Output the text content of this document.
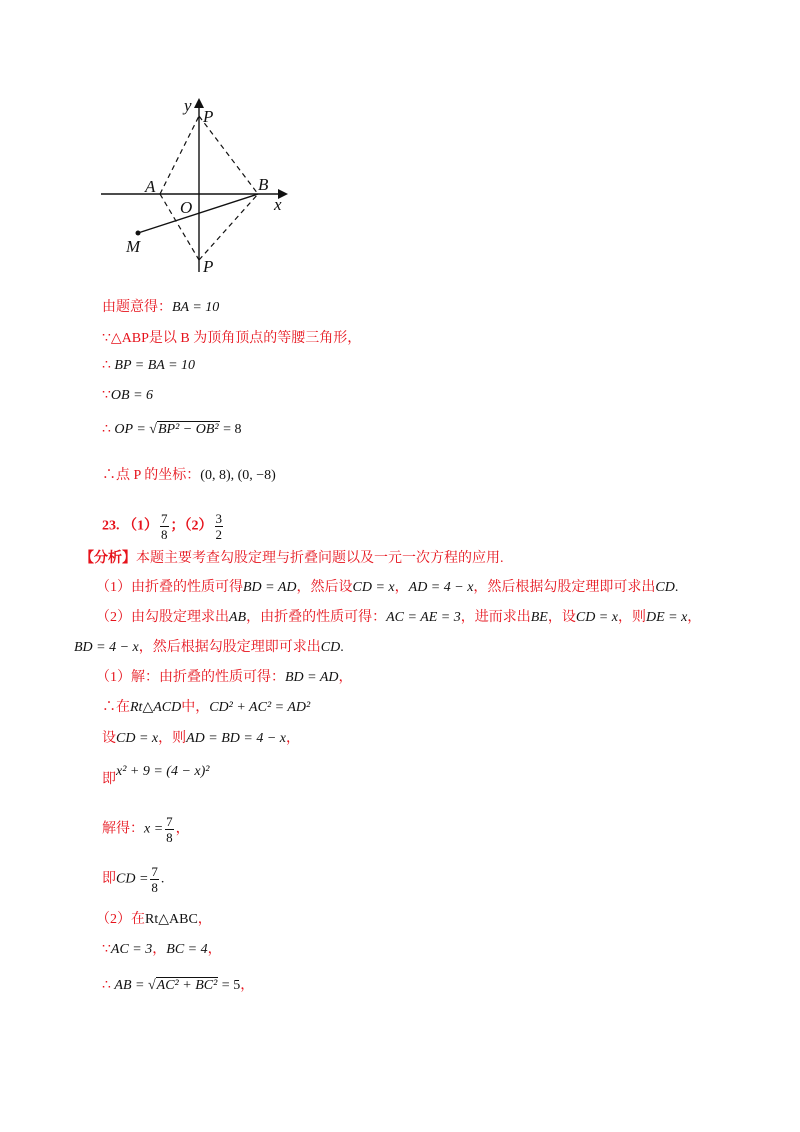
y
P
A	B
O	x
M
P
由题意得：BA = 10
∵△ABP是以 B 为顶角顶点的等腰三角形，
∴ BP = BA = 10
∵OB = 6
∴ OP = √BP² − OB² = 8
∴点 P 的坐标：(0, 8), (0, −8)
23. $(1) \frac{7}{8}$ ；$(2) \frac{3}{2}$
【分析】本题主要考查勾股定理与折叠问题以及一元一次方程的应用.
（1）由折叠的性质可得BD = AD，然后设CD = x，AD = 4 − x，然后根据勾股定理即可求出CD.
（2）由勾股定理求出AB，由折叠的性质可得：AC = AE = 3，进而求出BE，设CD = x，则DE = x，
BD = 4 − x，然后根据勾股定理即可求出CD.
（1）解：由折叠的性质可得：BD = AD，
∴在Rt△ACD中，CD² + AC² = AD²
设CD = x，则AD = BD = 4 − x，
即x² + 9 = (4 − x)²
解得：$x = \frac{7}{8}$ ，
即CD = $\frac{7}{8}$ .
（2）在Rt△ABC，
∵AC = 3，BC = 4，
∴ AB = √AC² + BC² = 5，
